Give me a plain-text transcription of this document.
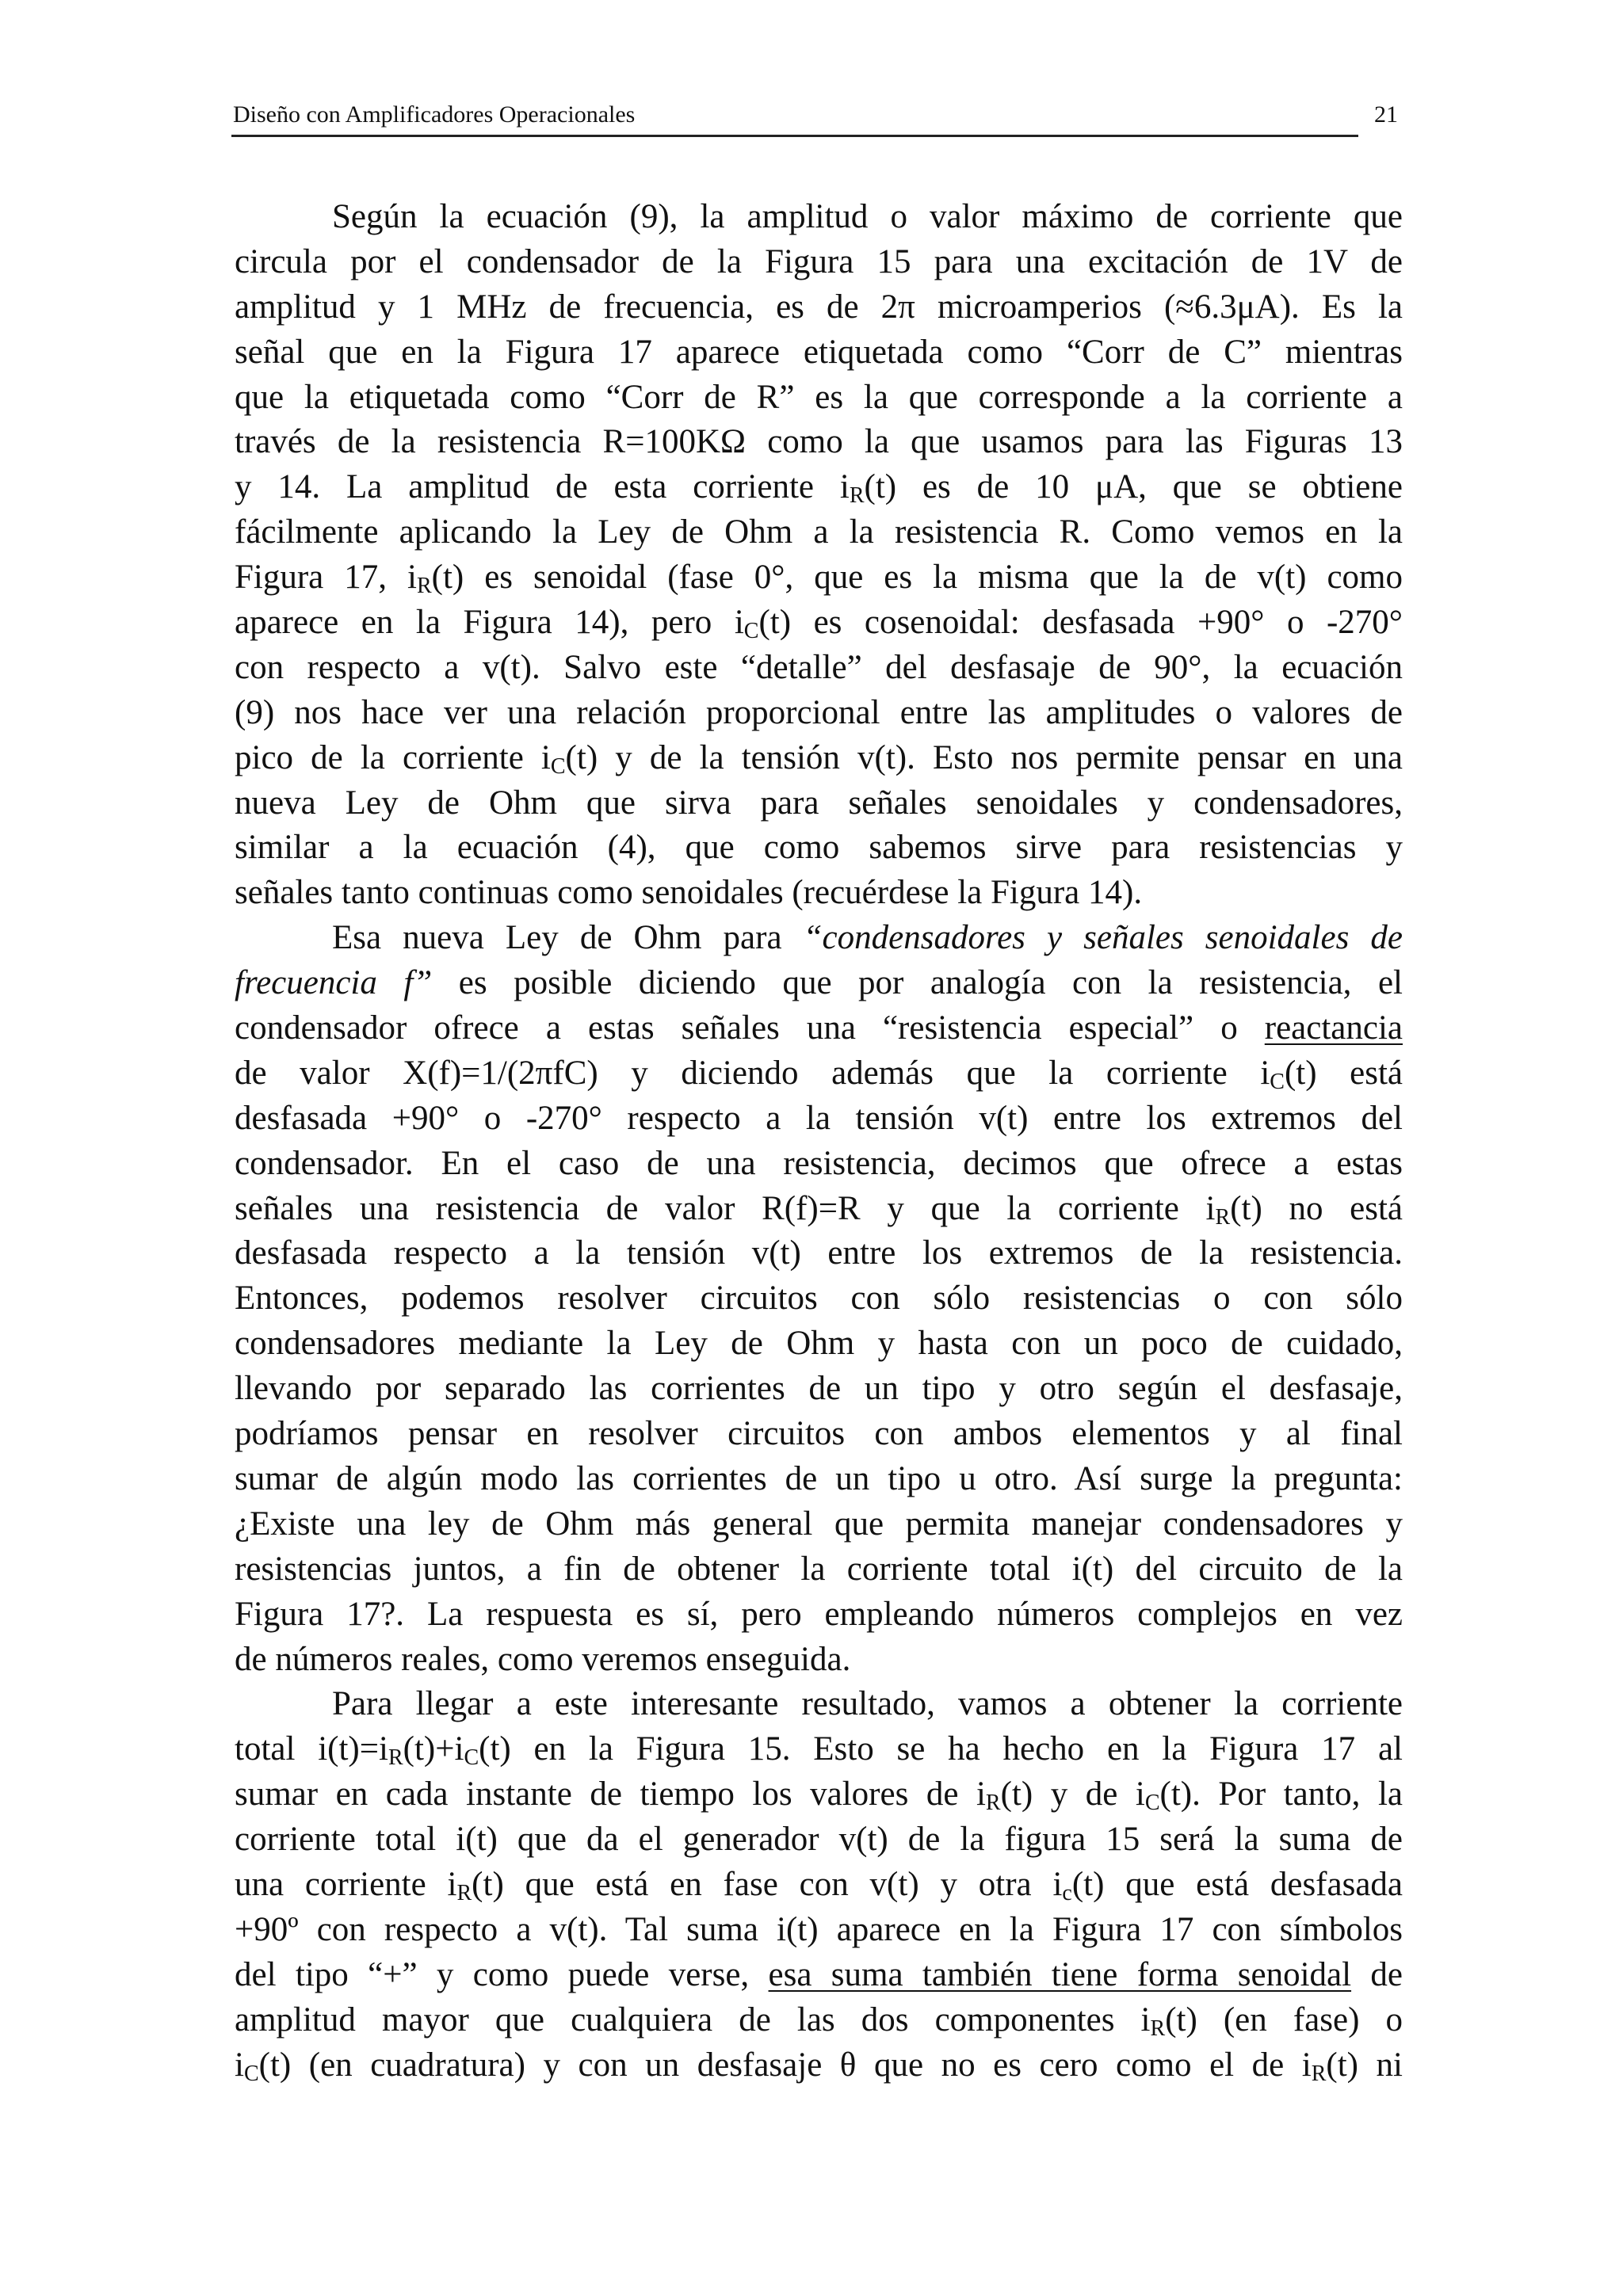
Diseño con Amplificadores Operacionales	21
Según la ecuación (9), la amplitud o valor máximo de corriente que
circula por el condensador de la Figura 15 para una excitación de 1V de
amplitud y 1 MHz de frecuencia, es de 2π microamperios (≈6.3μA). Es la
señal que en la Figura 17 aparece etiquetada como “Corr de C” mientras
que la etiquetada como “Corr de R” es la que corresponde a la corriente a
través de la resistencia R=100KΩ como la que usamos para las Figuras 13
y 14. La amplitud de esta corriente $i_R(t)$ es de 10 μA, que se obtiene
fácilmente aplicando la Ley de Ohm a la resistencia R. Como vemos en la
Figura 17, $i_R(t)$ es senoidal (fase 0°, que es la misma que la de v(t) como
aparece en la Figura 14), pero $i_C(t)$ es cosenoidal: desfasada +90° o -270°
con respecto a v(t). Salvo este “detalle” del desfasaje de 90°, la ecuación
(9) nos hace ver una relación proporcional entre las amplitudes o valores de
pico de la corriente $i_C(t)$ y de la tensión v(t). Esto nos permite pensar en una
nueva Ley de Ohm que sirva para señales senoidales y condensadores,
similar a la ecuación (4), que como sabemos sirve para resistencias y
señales tanto continuas como senoidales (recuérdese la Figura 14).
Esa nueva Ley de Ohm para “condensadores y señales senoidales de
frecuencia f” es posible diciendo que por analogía con la resistencia, el
condensador ofrece a estas señales una “resistencia especial” o reactancia
de valor X(f)=1/(2πfC) y diciendo además que la corriente $i_C(t)$ está
desfasada +90° o -270° respecto a la tensión v(t) entre los extremos del
condensador. En el caso de una resistencia, decimos que ofrece a estas
señales una resistencia de valor R(f)=R y que la corriente $i_R(t)$ no está
desfasada respecto a la tensión v(t) entre los extremos de la resistencia.
Entonces, podemos resolver circuitos con sólo resistencias o con sólo
condensadores mediante la Ley de Ohm y hasta con un poco de cuidado,
llevando por separado las corrientes de un tipo y otro según el desfasaje,
podríamos pensar en resolver circuitos con ambos elementos y al final
sumar de algún modo las corrientes de un tipo u otro. Así surge la pregunta:
¿Existe una ley de Ohm más general que permita manejar condensadores y
resistencias juntos, a fin de obtener la corriente total i(t) del circuito de la
Figura 17?. La respuesta es sí, pero empleando números complejos en vez
de números reales, como veremos enseguida.
Para llegar a este interesante resultado, vamos a obtener la corriente
total $i(t)=i_R(t)+i_C(t)$ en la Figura 15. Esto se ha hecho en la Figura 17 al
sumar en cada instante de tiempo los valores de $i_R(t)$ y de $i_C(t)$. Por tanto, la
corriente total i(t) que da el generador v(t) de la figura 15 será la suma de
una corriente $i_R(t)$ que está en fase con v(t) y otra $i_c(t)$ que está desfasada
+90º con respecto a v(t). Tal suma i(t) aparece en la Figura 17 con símbolos
del tipo “+” y como puede verse, esa suma también tiene forma senoidal de
amplitud mayor que cualquiera de las dos componentes $i_R(t)$ (en fase) o
$i_C(t)$ (en cuadratura) y con un desfasaje θ que no es cero como el de $i_R(t)$ ni
